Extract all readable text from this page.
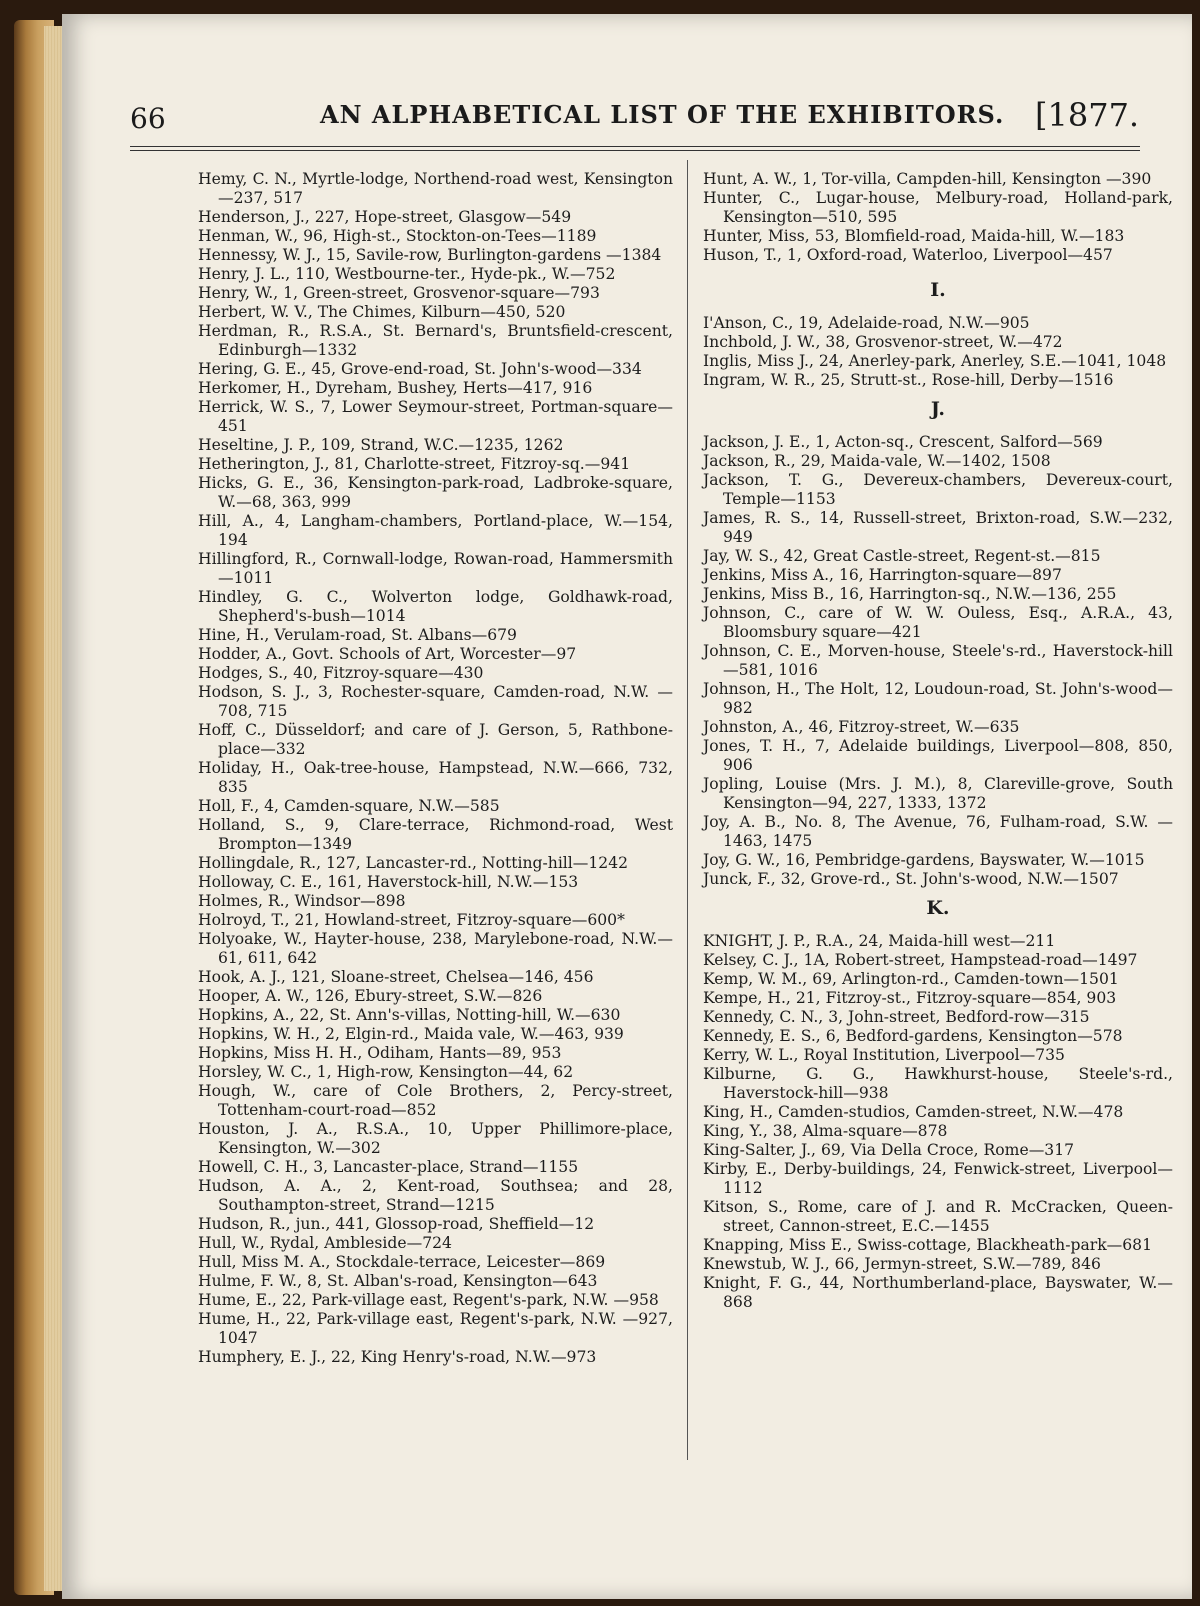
66	AN ALPHABETICAL LIST OF THE EXHIBITORS. [1877.

Hemy, C. N., Myrtle-lodge, Northend-road west, Kensington—237, 517

Henderson, J., 227, Hope-street, Glasgow—549

Henman, W., 96, High-st., Stockton-on-Tees—1189

Hennessy, W. J., 15, Savile-row, Burlington-gardens —1384

Henry, J. L., 110, Westbourne-ter., Hyde-pk., W.—752

Henry, W., 1, Green-street, Grosvenor-square—793

Herbert, W. V., The Chimes, Kilburn—450, 520

Herdman, R., R.S.A., St. Bernard's, Bruntsfield-crescent, Edinburgh—1332

Hering, G. E., 45, Grove-end-road, St. John's-wood—334

Herkomer, H., Dyreham, Bushey, Herts—417, 916

Herrick, W. S., 7, Lower Seymour-street, Portman-square—451

Heseltine, J. P., 109, Strand, W.C.—1235, 1262

Hetherington, J., 81, Charlotte-street, Fitzroy-sq.—941

Hicks, G. E., 36, Kensington-park-road, Ladbroke-square, W.—68, 363, 999

Hill, A., 4, Langham-chambers, Portland-place, W.—154, 194

Hillingford, R., Cornwall-lodge, Rowan-road, Hammersmith—1011

Hindley, G. C., Wolverton lodge, Goldhawk-road, Shepherd's-bush—1014

Hine, H., Verulam-road, St. Albans—679

Hodder, A., Govt. Schools of Art, Worcester—97

Hodges, S., 40, Fitzroy-square—430

Hodson, S. J., 3, Rochester-square, Camden-road, N.W. —708, 715

Hoff, C., Düsseldorf; and care of J. Gerson, 5, Rathbone-place—332

Holiday, H., Oak-tree-house, Hampstead, N.W.—666, 732, 835

Holl, F., 4, Camden-square, N.W.—585

Holland, S., 9, Clare-terrace, Richmond-road, West Brompton—1349

Hollingdale, R., 127, Lancaster-rd., Notting-hill—1242

Holloway, C. E., 161, Haverstock-hill, N.W.—153

Holmes, R., Windsor—898

Holroyd, T., 21, Howland-street, Fitzroy-square—600*

Holyoake, W., Hayter-house, 238, Marylebone-road, N.W.—61, 611, 642

Hook, A. J., 121, Sloane-street, Chelsea—146, 456

Hooper, A. W., 126, Ebury-street, S.W.—826

Hopkins, A., 22, St. Ann's-villas, Notting-hill, W.—630

Hopkins, W. H., 2, Elgin-rd., Maida vale, W.—463, 939

Hopkins, Miss H. H., Odiham, Hants—89, 953

Horsley, W. C., 1, High-row, Kensington—44, 62

Hough, W., care of Cole Brothers, 2, Percy-street, Tottenham-court-road—852

Houston, J. A., R.S.A., 10, Upper Phillimore-place, Kensington, W.—302

Howell, C. H., 3, Lancaster-place, Strand—1155

Hudson, A. A., 2, Kent-road, Southsea; and 28, Southampton-street, Strand—1215

Hudson, R., jun., 441, Glossop-road, Sheffield—12

Hull, W., Rydal, Ambleside—724

Hull, Miss M. A., Stockdale-terrace, Leicester—869

Hulme, F. W., 8, St. Alban's-road, Kensington—643

Hume, E., 22, Park-village east, Regent's-park, N.W. —958

Hume, H., 22, Park-village east, Regent's-park, N.W. —927, 1047

Humphery, E. J., 22, King Henry's-road, N.W.—973

Hunt, A. W., 1, Tor-villa, Campden-hill, Kensington —390

Hunter, C., Lugar-house, Melbury-road, Holland-park, Kensington—510, 595

Hunter, Miss, 53, Blomfield-road, Maida-hill, W.—183

Huson, T., 1, Oxford-road, Waterloo, Liverpool—457

I.

I'Anson, C., 19, Adelaide-road, N.W.—905

Inchbold, J. W., 38, Grosvenor-street, W.—472

Inglis, Miss J., 24, Anerley-park, Anerley, S.E.—1041, 1048

Ingram, W. R., 25, Strutt-st., Rose-hill, Derby—1516

J.

Jackson, J. E., 1, Acton-sq., Crescent, Salford—569

Jackson, R., 29, Maida-vale, W.—1402, 1508

Jackson, T. G., Devereux-chambers, Devereux-court, Temple—1153

James, R. S., 14, Russell-street, Brixton-road, S.W.—232, 949

Jay, W. S., 42, Great Castle-street, Regent-st.—815

Jenkins, Miss A., 16, Harrington-square—897

Jenkins, Miss B., 16, Harrington-sq., N.W.—136, 255

Johnson, C., care of W. W. Ouless, Esq., A.R.A., 43, Bloomsbury square—421

Johnson, C. E., Morven-house, Steele's-rd., Haverstock-hill—581, 1016

Johnson, H., The Holt, 12, Loudoun-road, St. John's-wood—982

Johnston, A., 46, Fitzroy-street, W.—635

Jones, T. H., 7, Adelaide buildings, Liverpool—808, 850, 906

Jopling, Louise (Mrs. J. M.), 8, Clareville-grove, South Kensington—94, 227, 1333, 1372

Joy, A. B., No. 8, The Avenue, 76, Fulham-road, S.W. —1463, 1475

Joy, G. W., 16, Pembridge-gardens, Bayswater, W.—1015

Junck, F., 32, Grove-rd., St. John's-wood, N.W.—1507

K.

KNIGHT, J. P., R.A., 24, Maida-hill west—211

Kelsey, C. J., 1A, Robert-street, Hampstead-road—1497

Kemp, W. M., 69, Arlington-rd., Camden-town—1501

Kempe, H., 21, Fitzroy-st., Fitzroy-square—854, 903

Kennedy, C. N., 3, John-street, Bedford-row—315

Kennedy, E. S., 6, Bedford-gardens, Kensington—578

Kerry, W. L., Royal Institution, Liverpool—735

Kilburne, G. G., Hawkhurst-house, Steele's-rd., Haverstock-hill—938

King, H., Camden-studios, Camden-street, N.W.—478

King, Y., 38, Alma-square—878

King-Salter, J., 69, Via Della Croce, Rome—317

Kirby, E., Derby-buildings, 24, Fenwick-street, Liverpool—1112

Kitson, S., Rome, care of J. and R. McCracken, Queen-street, Cannon-street, E.C.—1455

Knapping, Miss E., Swiss-cottage, Blackheath-park—681

Knewstub, W. J., 66, Jermyn-street, S.W.—789, 846

Knight, F. G., 44, Northumberland-place, Bayswater, W.—868
